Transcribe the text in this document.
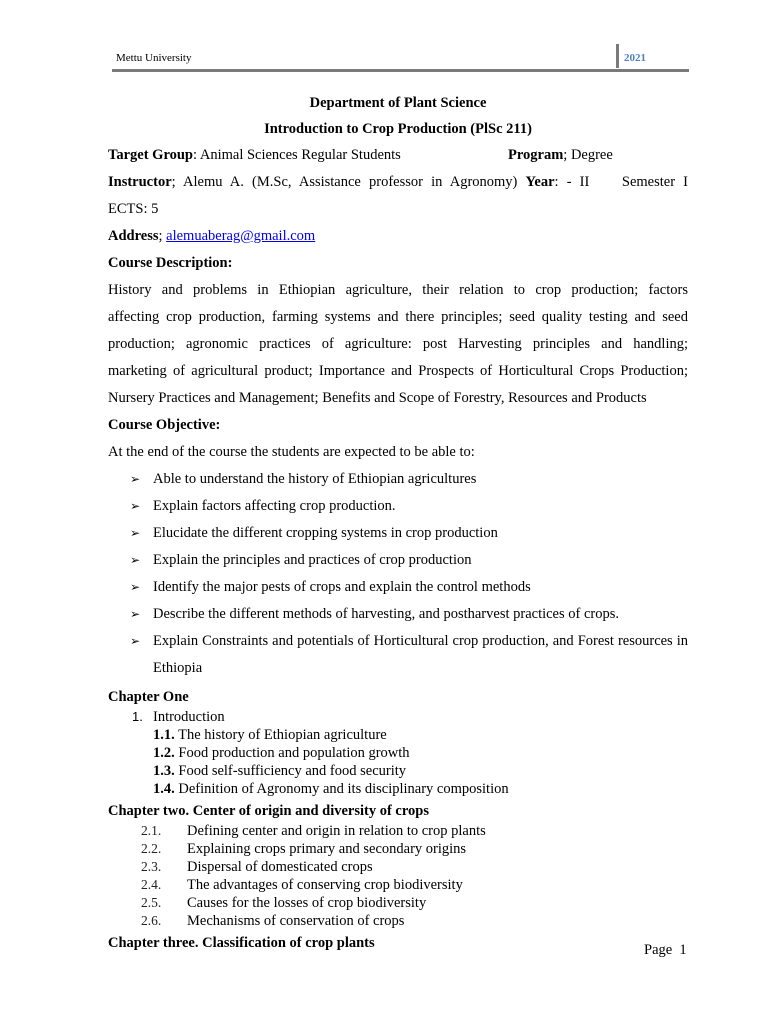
Mettu University	2021
Department of Plant Science
Introduction to Crop Production (PlSc 211)
Target Group: Animal Sciences Regular Students	Program; Degree
Instructor; Alemu A. (M.Sc, Assistance professor in Agronomy) Year: - II    Semester I
ECTS: 5
Address; alemuaberag@gmail.com
Course Description:
History and problems in Ethiopian agriculture, their relation to crop production; factors
affecting crop production, farming systems and there principles; seed quality testing and seed
production; agronomic practices of agriculture: post Harvesting principles and handling;
marketing of agricultural product; Importance and Prospects of Horticultural Crops Production;
Nursery Practices and Management; Benefits and Scope of Forestry, Resources and Products
Course Objective:
At the end of the course the students are expected to be able to:
➢ Able to understand the history of Ethiopian agricultures
➢ Explain factors affecting crop production.
➢ Elucidate the different cropping systems in crop production
➢ Explain the principles and practices of crop production
➢ Identify the major pests of crops and explain the control methods
➢ Describe the different methods of harvesting, and postharvest practices of crops.
➢ Explain Constraints and potentials of Horticultural crop production, and Forest resources in Ethiopia
Chapter One
1. Introduction
1.1. The history of Ethiopian agriculture
1.2. Food production and population growth
1.3. Food self-sufficiency and food security
1.4. Definition of Agronomy and its disciplinary composition
Chapter two. Center of origin and diversity of crops
2.1. Defining center and origin in relation to crop plants
2.2. Explaining crops primary and secondary origins
2.3. Dispersal of domesticated crops
2.4. The advantages of conserving crop biodiversity
2.5. Causes for the losses of crop biodiversity
2.6. Mechanisms of conservation of crops
Chapter three. Classification of crop plants	Page  1
